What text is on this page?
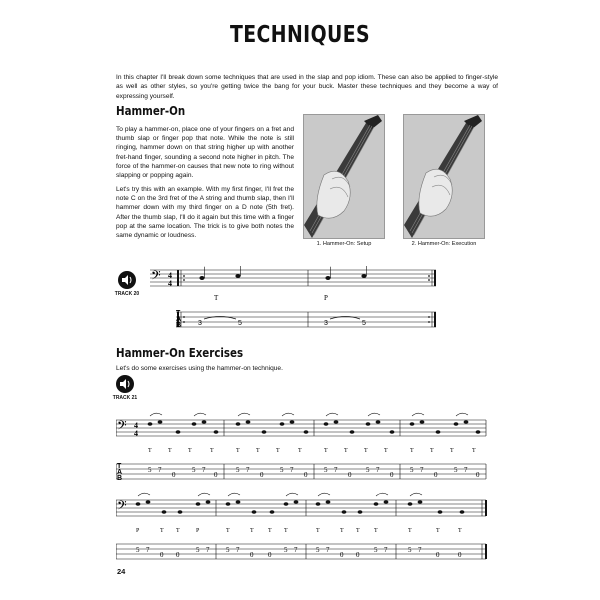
TECHNIQUES
In this chapter I'll break down some techniques that are used in the slap and pop idiom. These can also be applied to finger-style as well as other styles, so you're getting twice the bang for your buck. Master these techniques and they become a way of expressing yourself.
Hammer-On
To play a hammer-on, place one of your fingers on a fret and thumb slap or finger pop that note. While the note is still ringing, hammer down on that string higher up with another fret-hand finger, sounding a second note higher in pitch. The force of the hammer-on causes that new note to ring without slapping or popping again.
Let's try this with an example. With my first finger, I'll fret the note C on the 3rd fret of the A string and thumb slap, then I'll hammer down with my third finger on a D note (5th fret). After the thumb slap, I'll do it again but this time with a finger pop at the same location. The trick is to give both notes the same dynamic or loudness.
1. Hammer-On: Setup	2. Hammer-On: Execution
TRACK 20
𝄢 4
4
T
A
B
T
3	5
P
3	5
Hammer-On Exercises
Let's do some exercises using the hammer-on technique.
TRACK 21
𝄢 4
4
T
A
B
T	T	T	T
5 7
0
5 7
0
T	T	T	T
5 7
0
5 7
0
T	T	T	T
5 7
0
5 7
0
T	T	T	T
5 7
0
5 7
0
𝄢
P	T T	P
5 7
0 0
5 7
T	T T T
5 7
0 0
5 7
T	T T T
5 7
0 0
5 7
T	T	T
5 7
0	0
24
